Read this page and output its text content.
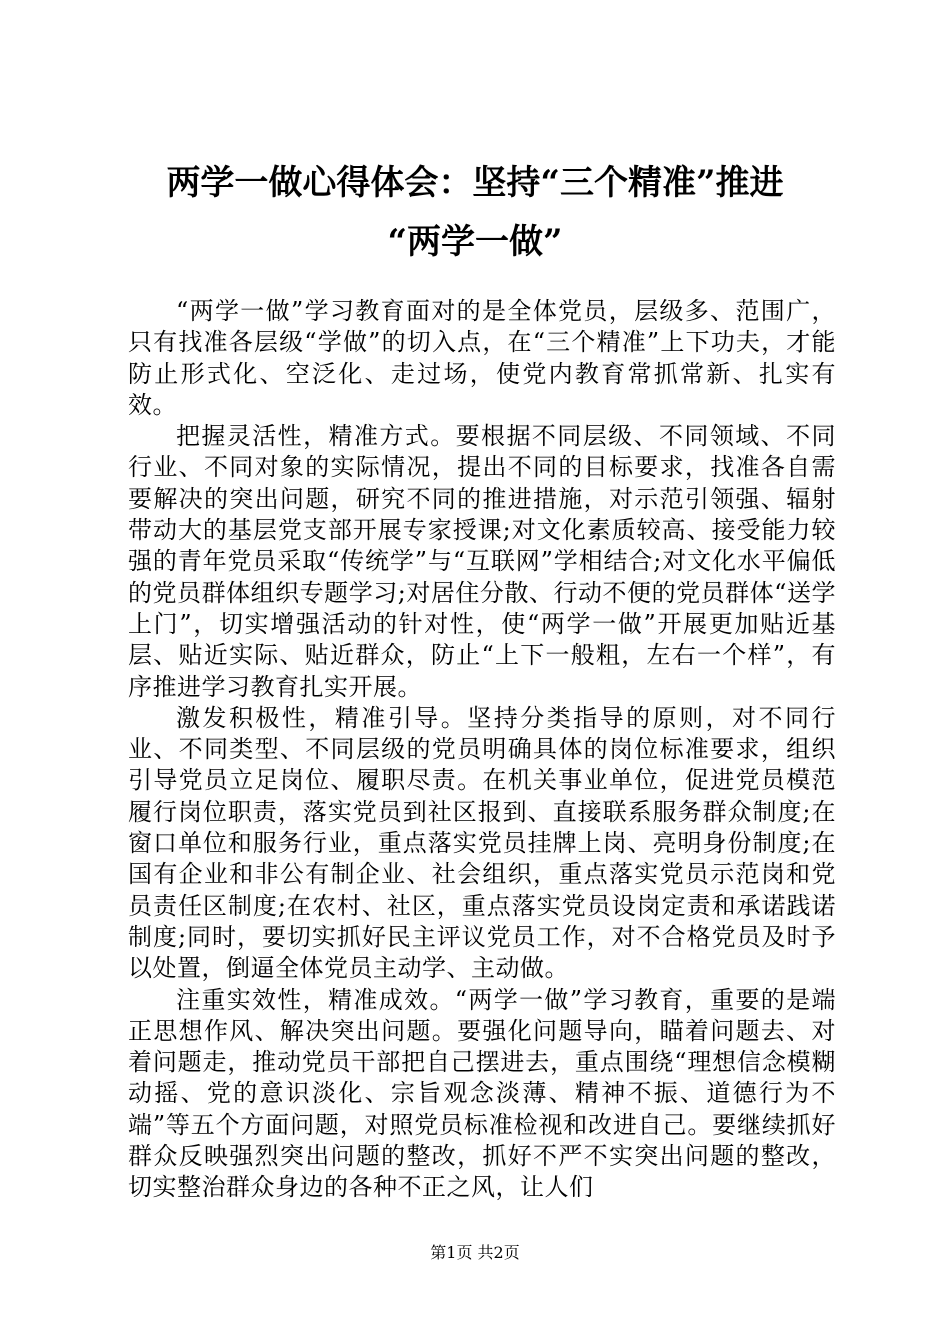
两学一做心得体会：坚持“三个精准”推进
“两学一做”

“两学一做”学习教育面对的是全体党员，层级多、范围广，只有找准各层级“学做”的切入点，在“三个精准”上下功夫，才能防止形式化、空泛化、走过场，使党内教育常抓常新、扎实有效。

把握灵活性，精准方式。要根据不同层级、不同领域、不同行业、不同对象的实际情况，提出不同的目标要求，找准各自需要解决的突出问题，研究不同的推进措施，对示范引领强、辐射带动大的基层党支部开展专家授课;对文化素质较高、接受能力较强的青年党员采取“传统学”与“互联网”学相结合;对文化水平偏低的党员群体组织专题学习;对居住分散、行动不便的党员群体“送学上门”，切实增强活动的针对性，使“两学一做”开展更加贴近基层、贴近实际、贴近群众，防止“上下一般粗，左右一个样”，有序推进学习教育扎实开展。

激发积极性，精准引导。坚持分类指导的原则，对不同行业、不同类型、不同层级的党员明确具体的岗位标准要求，组织引导党员立足岗位、履职尽责。在机关事业单位，促进党员模范履行岗位职责，落实党员到社区报到、直接联系服务群众制度;在窗口单位和服务行业，重点落实党员挂牌上岗、亮明身份制度;在国有企业和非公有制企业、社会组织，重点落实党员示范岗和党员责任区制度;在农村、社区，重点落实党员设岗定责和承诺践诺制度;同时，要切实抓好民主评议党员工作，对不合格党员及时予以处置，倒逼全体党员主动学、主动做。

注重实效性，精准成效。“两学一做”学习教育，重要的是端正思想作风、解决突出问题。要强化问题导向，瞄着问题去、对着问题走，推动党员干部把自己摆进去，重点围绕“理想信念模糊动摇、党的意识淡化、宗旨观念淡薄、精神不振、道德行为不端”等五个方面问题，对照党员标准检视和改进自己。要继续抓好群众反映强烈突出问题的整改，抓好不严不实突出问题的整改，切实整治群众身边的各种不正之风，让人们

第1页 共2页
